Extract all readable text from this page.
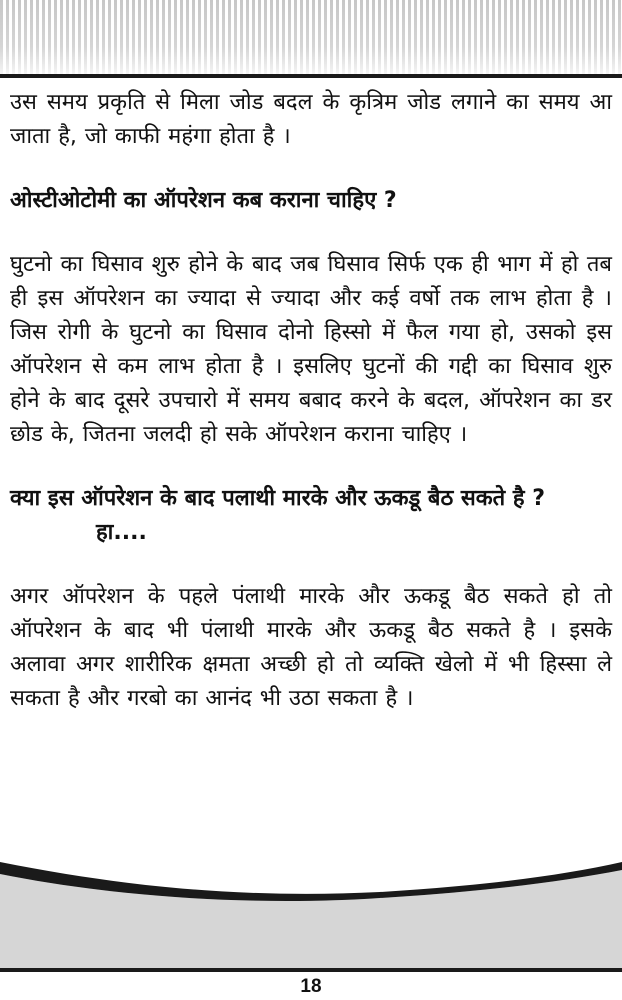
उस समय प्रकृति से मिला जोड बदल के कृत्रिम जोड लगाने का समय आ जाता है, जो काफी महंगा होता है ।

ओस्टीओटोमी का ऑपरेशन कब कराना चाहिए ?

घुटनो का घिसाव शुरु होने के बाद जब घिसाव सिर्फ एक ही भाग में हो तब ही इस ऑपरेशन का ज्यादा से ज्यादा और कई वर्षो तक लाभ होता है । जिस रोगी के घुटनो का घिसाव दोनो हिस्सो में फैल गया हो, उसको इस ऑपरेशन से कम लाभ होता है । इसलिए घुटनों की गद्दी का घिसाव शुरु होने के बाद दूसरे उपचारो में समय बबाद करने के बदल, ऑपरेशन का डर छोड के, जितना जलदी हो सके ऑपरेशन कराना चाहिए ।

क्या इस ऑपरेशन के बाद पलाथी मारके और ऊकडू बैठ सकते है ?हा....

अगर ऑपरेशन के पहले पंलाथी मारके और ऊकडू बैठ सकते हो तो ऑपरेशन के बाद भी पंलाथी मारके और ऊकडू बैठ सकते है । इसके अलावा अगर शारीरिक क्षमता अच्छी हो तो व्यक्ति खेलो में भी हिस्सा ले सकता है और गरबो का आनंद भी उठा सकता है ।

18
